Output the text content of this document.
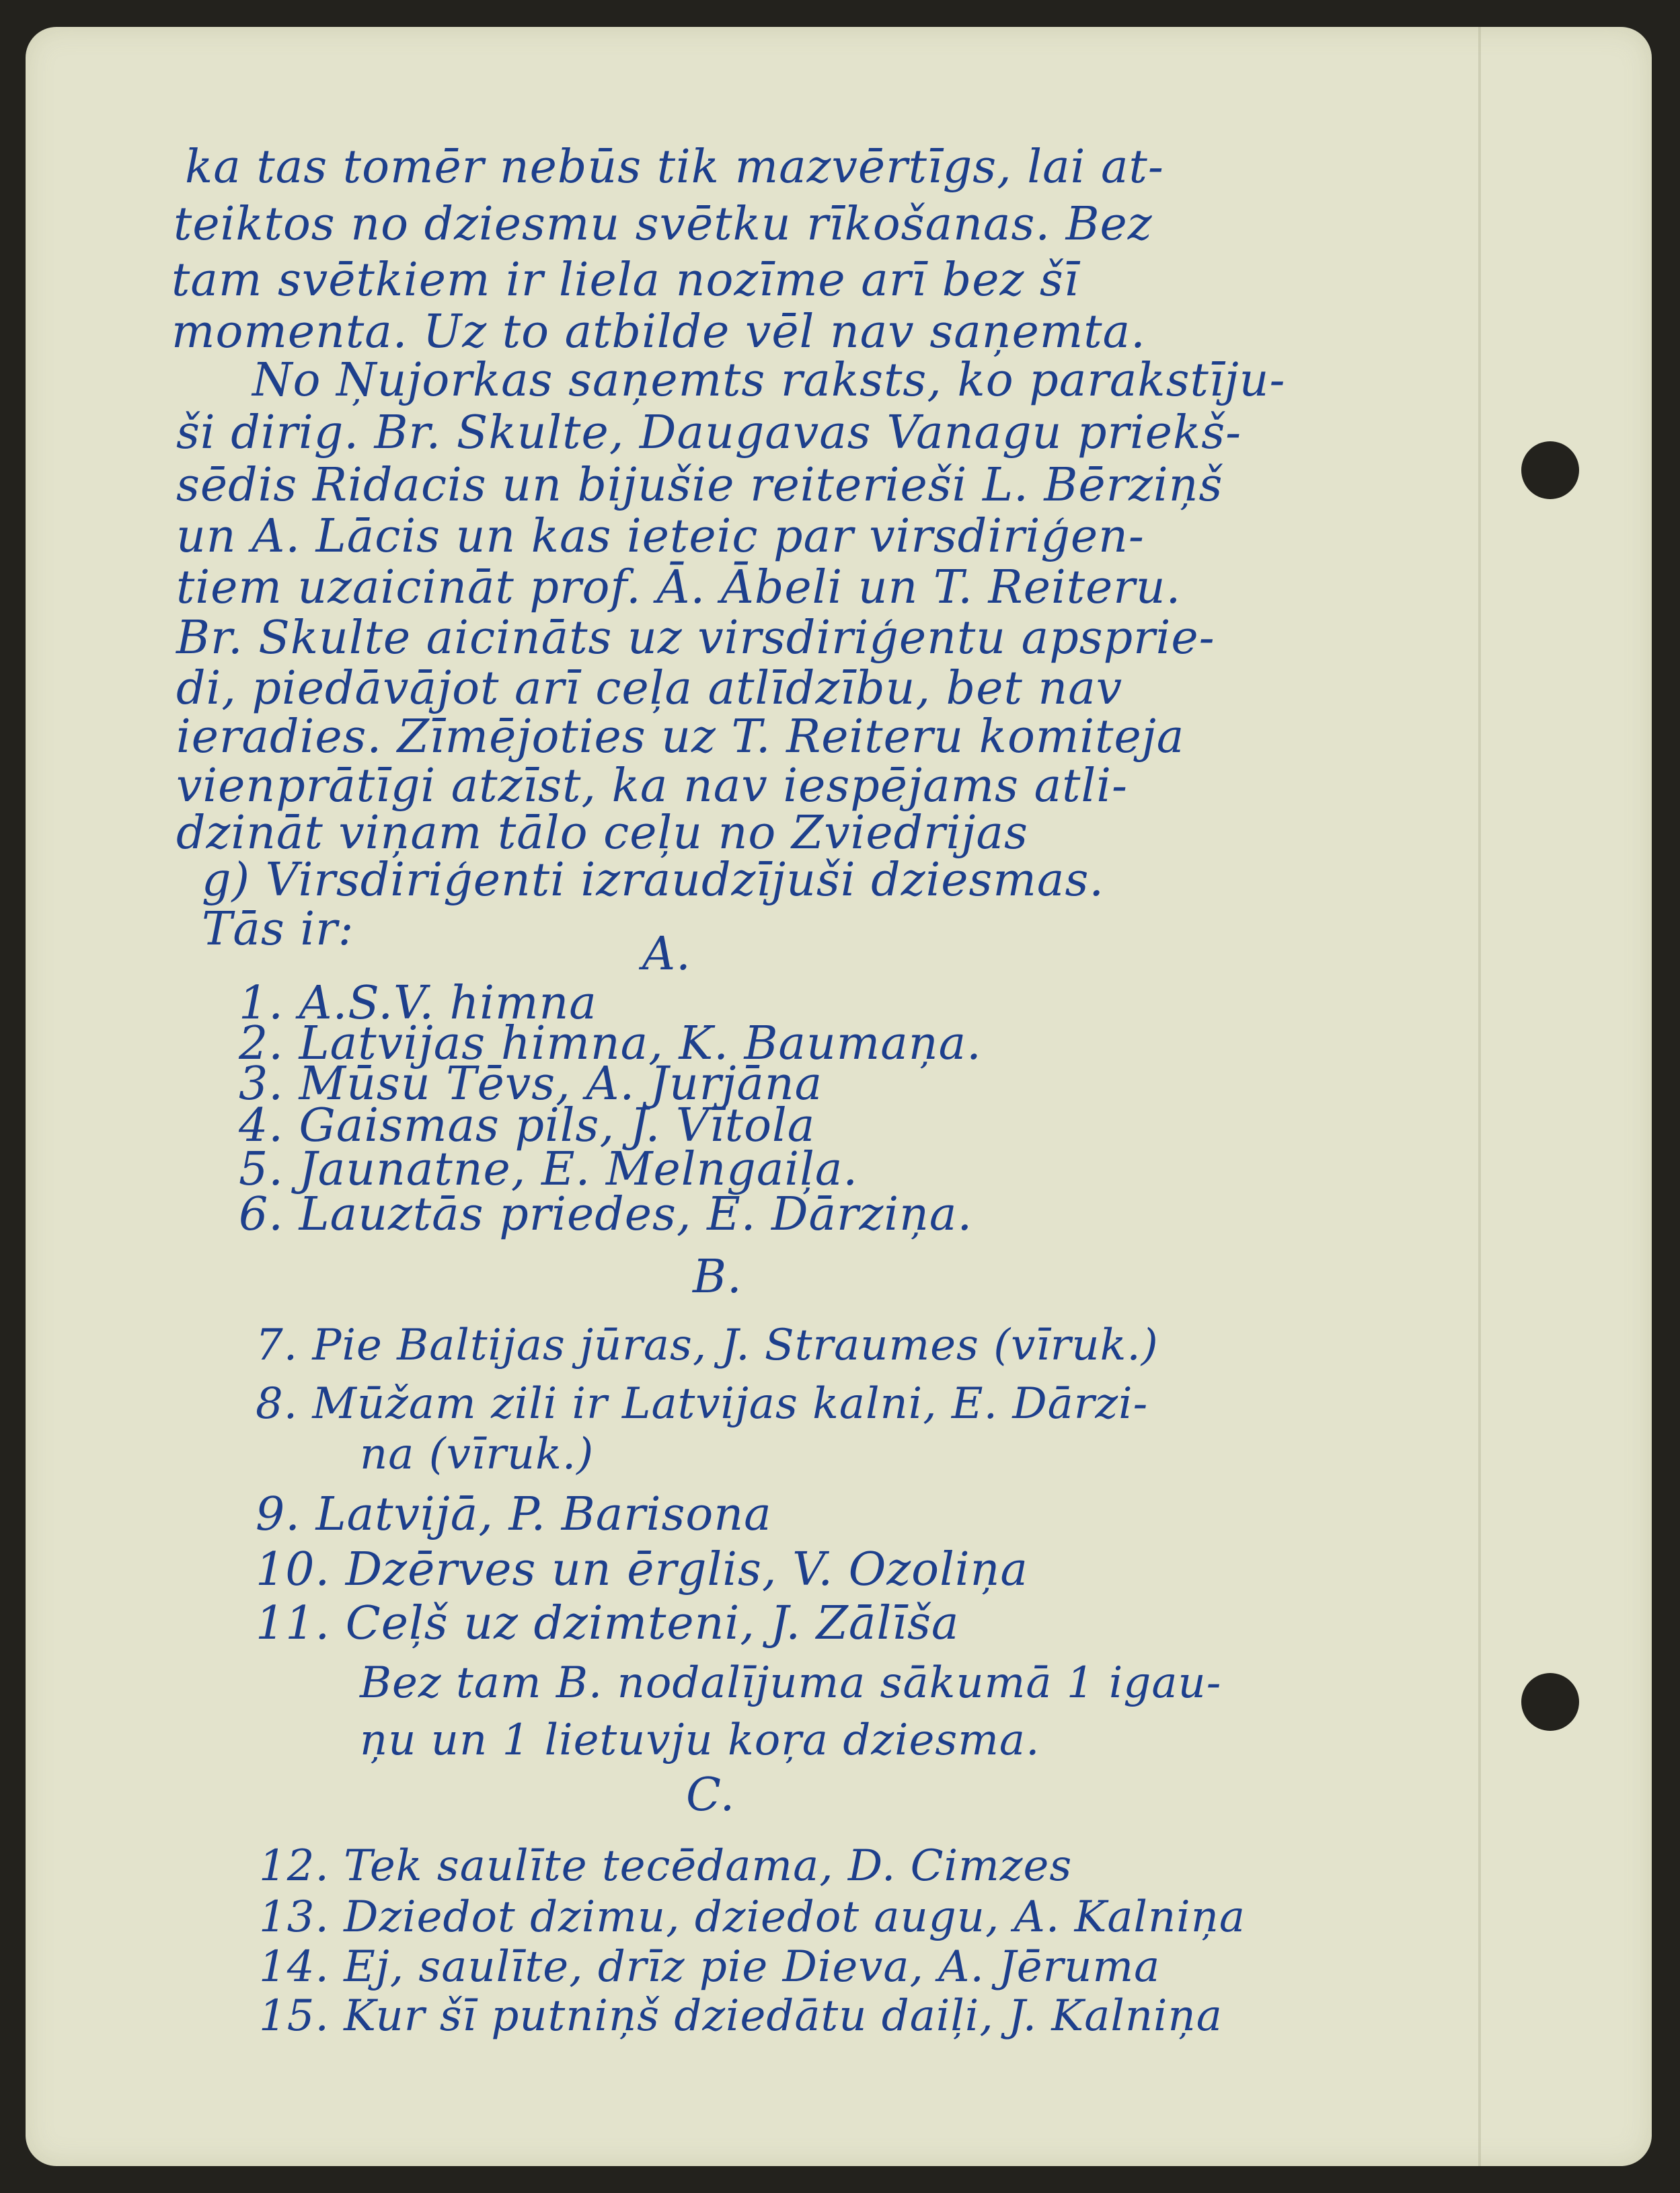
ka tas tomēr nebūs tik mazvērtīgs, lai at-
teiktos no dziesmu svētku rīkošanas. Bez
tam svētkiem ir liela nozīme arī bez šī
momenta. Uz to atbilde vēl nav saņemta.
No Ņujorkas saņemts raksts, ko parakstīju-
ši dirig. Br. Skulte, Daugavas Vanagu priekš-
sēdis Ridacis un bijušie reiterieši L. Bērziņš
un A. Lācis un kas ieteic par virsdiriģen-
tiem uzaicināt prof. Ā. Ābeli un T. Reiteru.
Br. Skulte aicināts uz virsdiriģentu apsprie-
di, piedāvājot arī ceļa atlīdzību, bet nav
ieradies. Zīmējoties uz T. Reiteru komiteja
vienprātīgi atzīst, ka nav iespējams atli-
dzināt viņam tālo ceļu no Zviedrijas
g) Virsdiriģenti izraudzījuši dziesmas.
Tās ir:	A.
1. A.S.V. himna
2. Latvijas himna, K. Baumaņa.
3. Mūsu Tēvs, A. Jurjāna
4. Gaismas pils, J. Vītola
5. Jaunatne, E. Melngaiļa.
6. Lauztās priedes, E. Dārziņa.
B.
7. Pie Baltijas jūras, J. Straumes (vīruk.)
8. Mūžam zili ir Latvijas kalni, E. Dārzi-
na (vīruk.)
9. Latvijā, P. Barisona
10. Dzērves un ērglis, V. Ozoliņa
11. Ceļš uz dzimteni, J. Zālīša
Bez tam B. nodalījuma sākumā 1 igau-
ņu un 1 lietuvju koŗa dziesma.
C.
12. Tek saulīte tecēdama, D. Cimzes
13. Dziedot dzimu, dziedot augu, A. Kalniņa
14. Ej, saulīte, drīz pie Dieva, A. Jēruma
15. Kur šī putniņš dziedātu daiļi, J. Kalniņa
